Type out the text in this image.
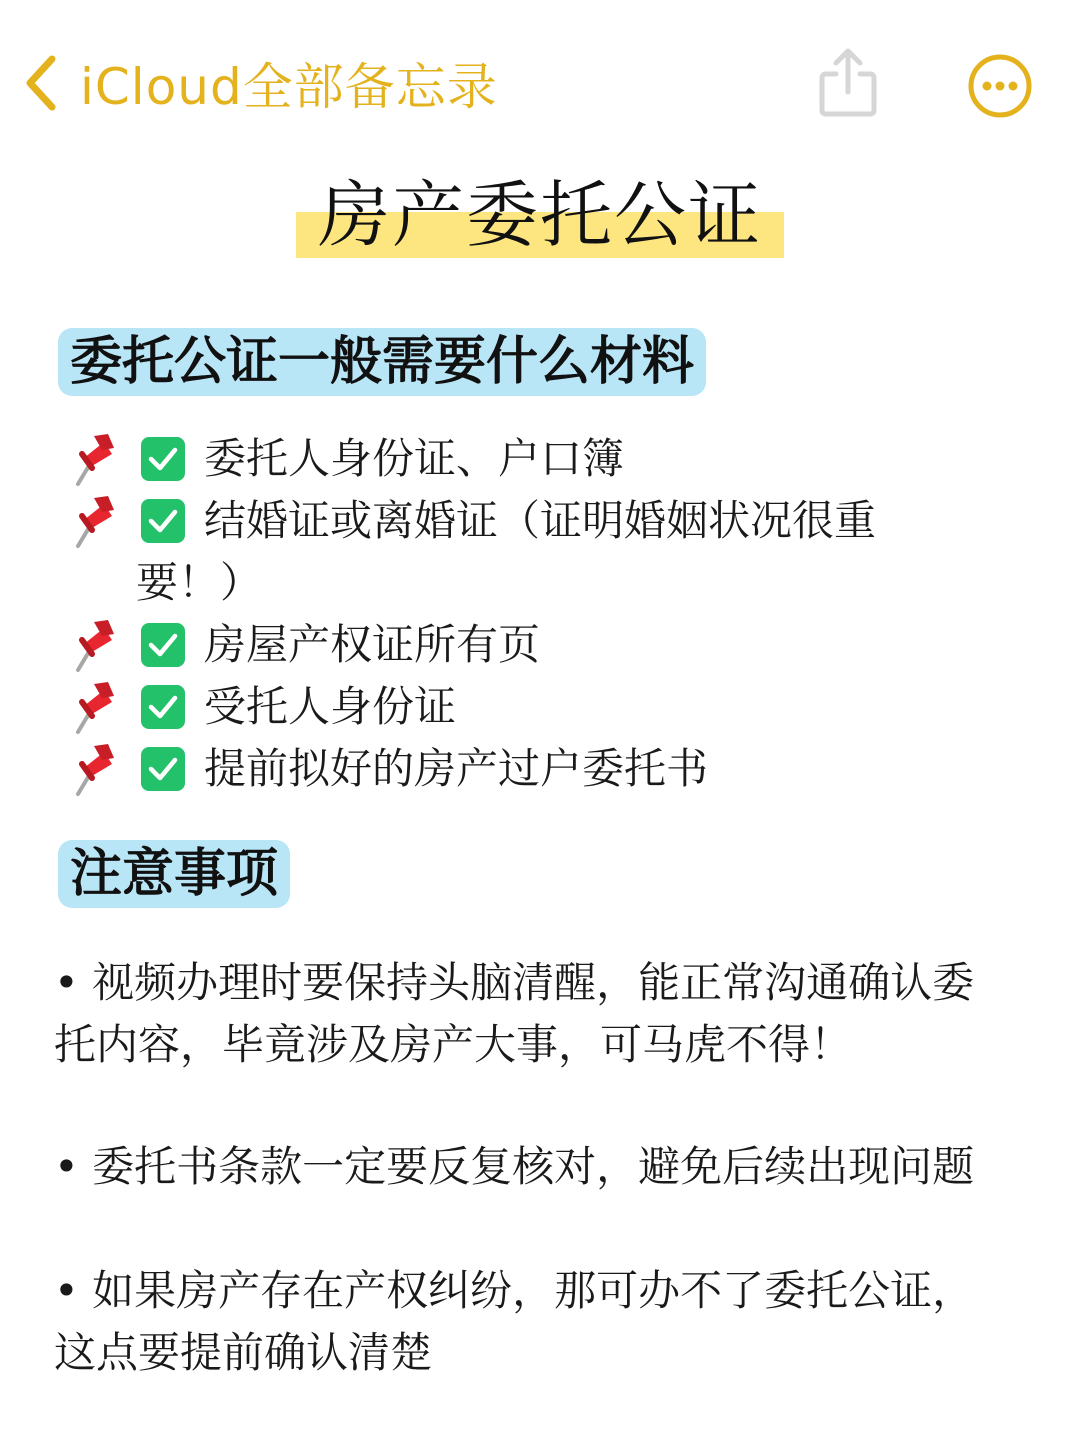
iCloud全部备忘录
房产委托公证
委托公证一般需要什么材料
委托人身份证、户口簿
结婚证或离婚证（证明婚姻状况很重
要！）
房屋产权证所有页
受托人身份证
提前拟好的房产过户委托书
注意事项
• 视频办理时要保持头脑清醒，能正常沟通确认委
托内容，毕竟涉及房产大事，可马虎不得！
• 委托书条款一定要反复核对，避免后续出现问题
• 如果房产存在产权纠纷，那可办不了委托公证，
这点要提前确认清楚
